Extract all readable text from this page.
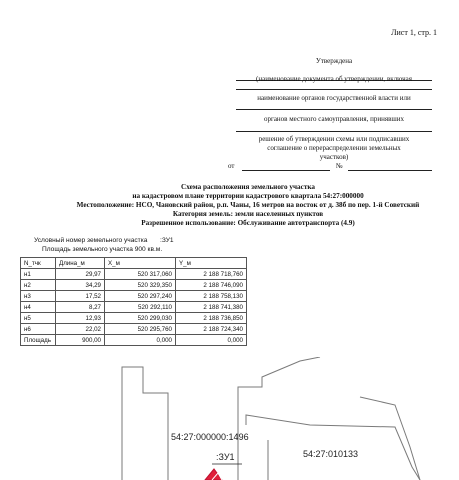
Лист 1, стр. 1
Утверждена
(наименование документа об утверждении, включая
наименование органов государственной власти или
органов местного самоуправления, принявших
решение об утверждении схемы или подписавших
соглашение о перераспределении земельных
участков)
от	№
Схема расположения земельного участка
на кадастровом плане территории кадастрового квартала 54:27:000000
Местоположение: НСО, Чановский район, р.п. Чаны, 16 метров на восток от д. 38б по пер. 1-й Советский
Категория земель: земли населенных пунктов
Разрешенное использование: Обслуживание автотранспорта (4.9)
Условный номер земельного участка :ЗУ1
Площадь земельного участка 900 кв.м.
N_тчк	Длина_м	X_м	Y_м
н1	29,97	520 317,060	2 188 718,760
н2	34,29	520 329,350	2 188 746,090
н3	17,52	520 297,240	2 188 758,130
н4	8,27	520 292,110	2 188 741,380
н5	12,93	520 299,030	2 188 736,850
н6	22,02	520 295,760	2 188 724,340
Площадь	900,00	0,000	0,000
54:27:000000:1496
54:27:010133
:ЗУ1
